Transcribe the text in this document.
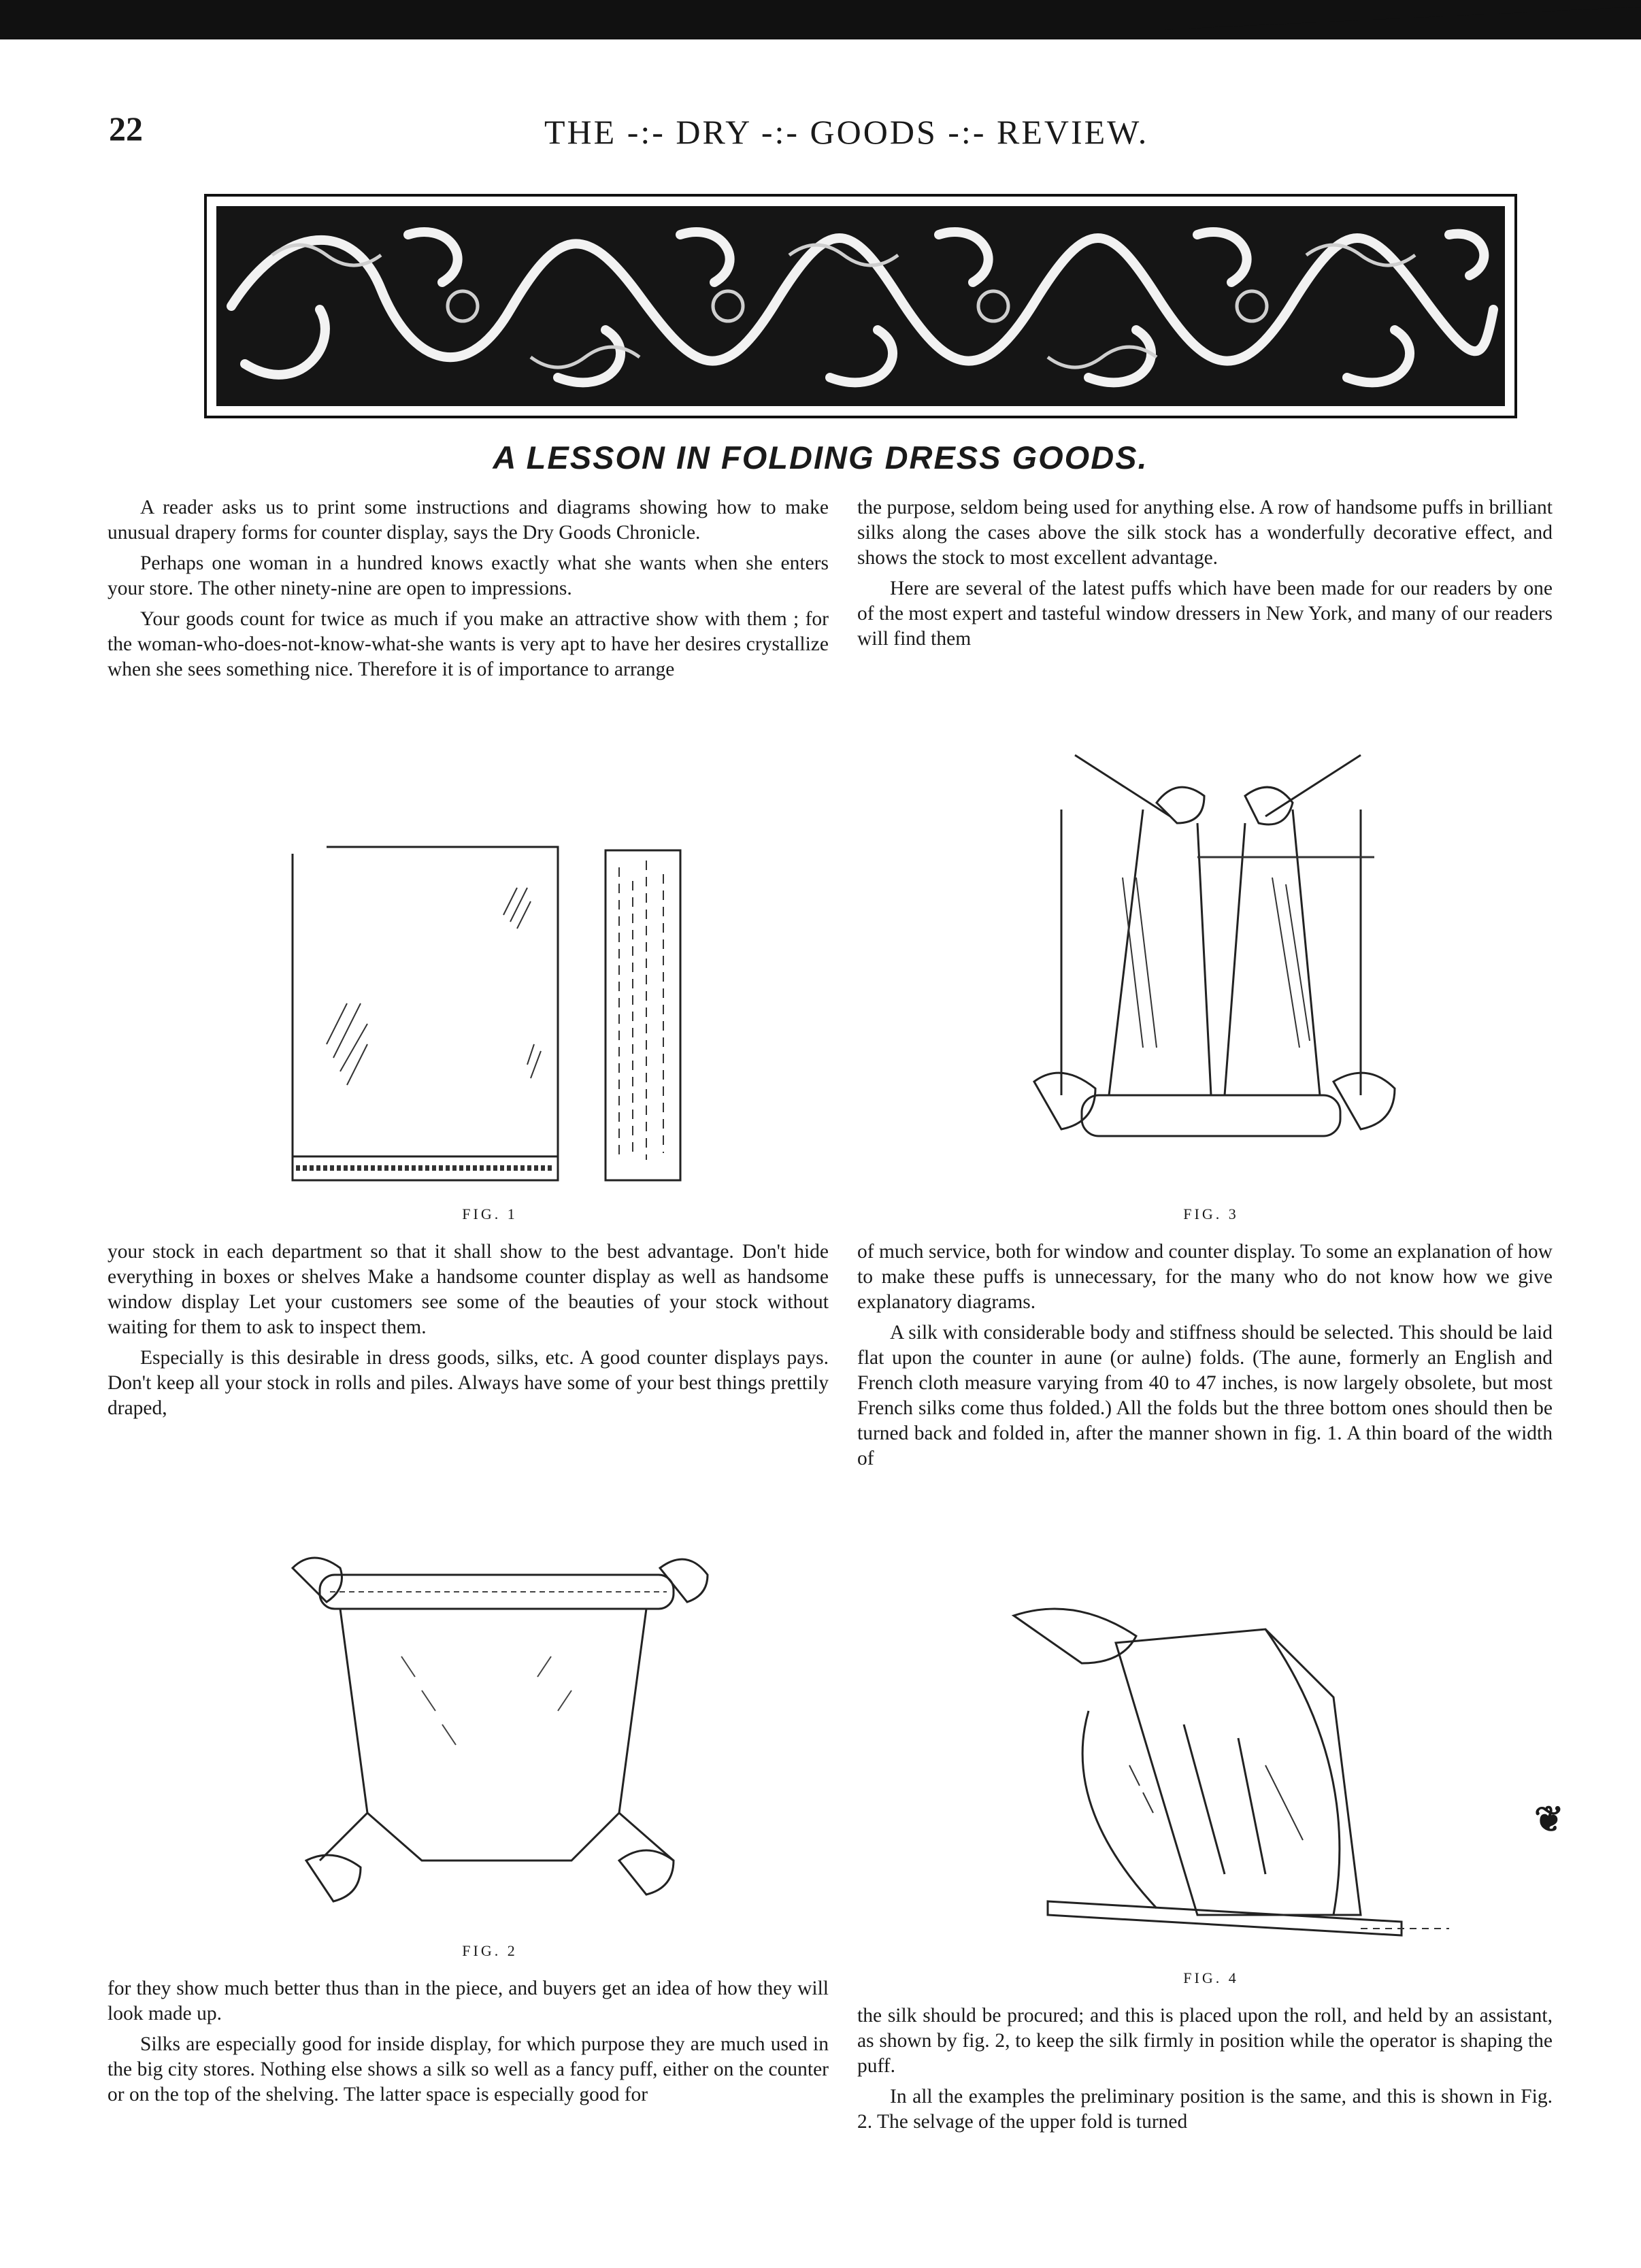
22	THE -:- DRY -:- GOODS -:- REVIEW.
A LESSON IN FOLDING DRESS GOODS.

A reader asks us to print some instructions and diagrams showing how to make unusual drapery forms for counter display, says the Dry Goods Chronicle.

Perhaps one woman in a hundred knows exactly what she wants when she enters your store. The other ninety-nine are open to impressions.

Your goods count for twice as much if you make an attractive show with them ; for the woman-who-does-not-know-what-she wants is very apt to have her desires crystallize when she sees something nice. Therefore it is of importance to arrange

FIG. 1

your stock in each department so that it shall show to the best advantage. Don't hide everything in boxes or shelves Make a handsome counter display as well as handsome window display Let your customers see some of the beauties of your stock without waiting for them to ask to inspect them.

Especially is this desirable in dress goods, silks, etc. A good counter displays pays. Don't keep all your stock in rolls and piles. Always have some of your best things prettily draped,

FIG. 2

for they show much better thus than in the piece, and buyers get an idea of how they will look made up.

Silks are especially good for inside display, for which purpose they are much used in the big city stores. Nothing else shows a silk so well as a fancy puff, either on the counter or on the top of the shelving. The latter space is especially good for

the purpose, seldom being used for anything else. A row of handsome puffs in brilliant silks along the cases above the silk stock has a wonderfully decorative effect, and shows the stock to most excellent advantage.

Here are several of the latest puffs which have been made for our readers by one of the most expert and tasteful window dressers in New York, and many of our readers will find them

FIG. 3

of much service, both for window and counter display. To some an explanation of how to make these puffs is unnecessary, for the many who do not know how we give explanatory diagrams.

A silk with considerable body and stiffness should be selected. This should be laid flat upon the counter in aune (or aulne) folds. (The aune, formerly an English and French cloth measure varying from 40 to 47 inches, is now largely obsolete, but most French silks come thus folded.) All the folds but the three bottom ones should then be turned back and folded in, after the manner shown in fig. 1. A thin board of the width of

FIG. 4

the silk should be procured; and this is placed upon the roll, and held by an assistant, as shown by fig. 2, to keep the silk firmly in position while the operator is shaping the puff.

In all the examples the preliminary position is the same, and this is shown in Fig. 2. The selvage of the upper fold is turned

❦
